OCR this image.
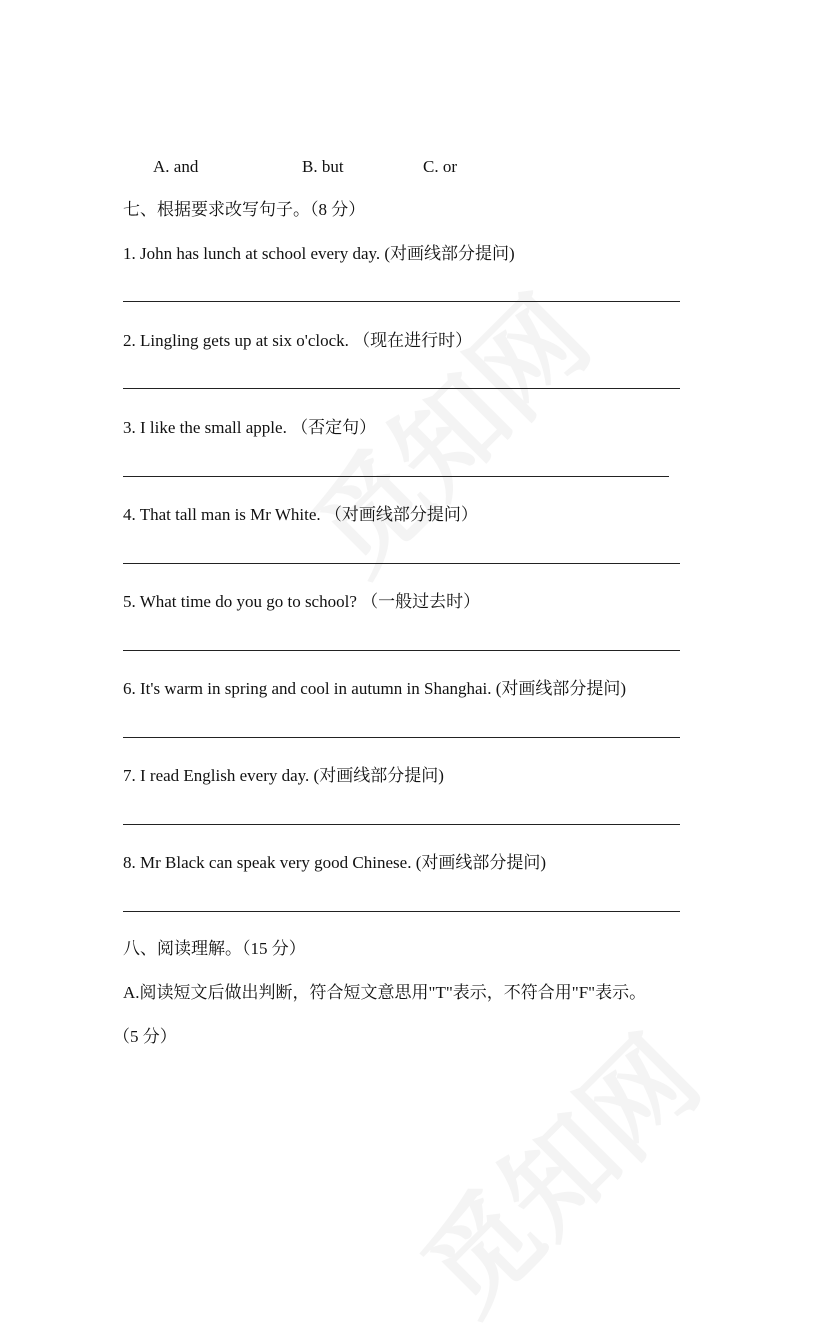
A. and	B. but	C. or
七、根据要求改写句子。（8 分）
1. John has lunch at school every day. (对画线部分提问)
2. Lingling gets up at six o'clock. （现在进行时）
3. I like the small apple. （否定句）
4. That tall man is Mr White. （对画线部分提问）
5. What time do you go to school? （一般过去时）
6. It's warm in spring and cool in autumn in Shanghai. (对画线部分提问)
7. I read English every day. (对画线部分提问)
8. Mr Black can speak very good Chinese. (对画线部分提问)
八、阅读理解。（15 分）
A.阅读短文后做出判断，符合短文意思用"T"表示，不符合用"F"表示。
（5 分）
